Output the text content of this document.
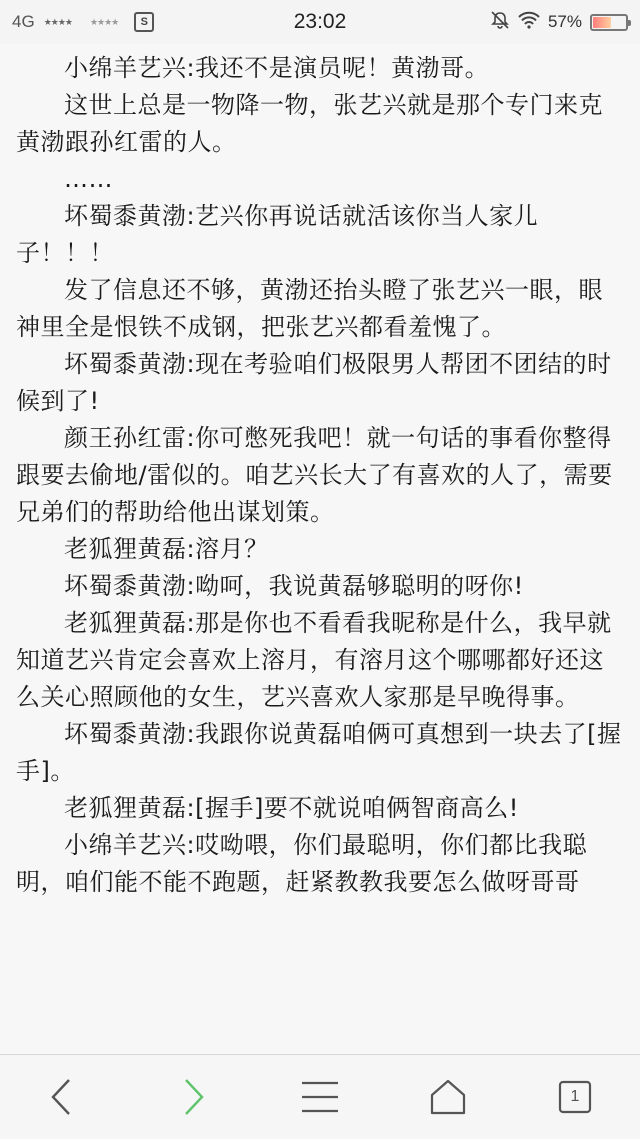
4G ★★★★ ★★★★	S	23:02	57%

小绵羊艺兴:我还不是演员呢！黄渤哥。

这世上总是一物降一物，张艺兴就是那个专门来克黄渤跟孙红雷的人。

……

坏蜀黍黄渤:艺兴你再说话就活该你当人家儿子！！！

发了信息还不够，黄渤还抬头瞪了张艺兴一眼，眼神里全是恨铁不成钢，把张艺兴都看羞愧了。

坏蜀黍黄渤:现在考验咱们极限男人帮团不团结的时候到了!

颜王孙红雷:你可憋死我吧！就一句话的事看你整得跟要去偷地/雷似的。咱艺兴长大了有喜欢的人了，需要兄弟们的帮助给他出谋划策。

老狐狸黄磊:溶月？

坏蜀黍黄渤:呦呵，我说黄磊够聪明的呀你!

老狐狸黄磊:那是你也不看看我昵称是什么，我早就知道艺兴肯定会喜欢上溶月，有溶月这个哪哪都好还这么关心照顾他的女生，艺兴喜欢人家那是早晚得事。

坏蜀黍黄渤:我跟你说黄磊咱俩可真想到一块去了[握手]。

老狐狸黄磊:[握手]要不就说咱俩智商高么!

小绵羊艺兴:哎呦喂，你们最聪明，你们都比我聪明，咱们能不能不跑题，赶紧教教我要怎么做呀哥哥

1
